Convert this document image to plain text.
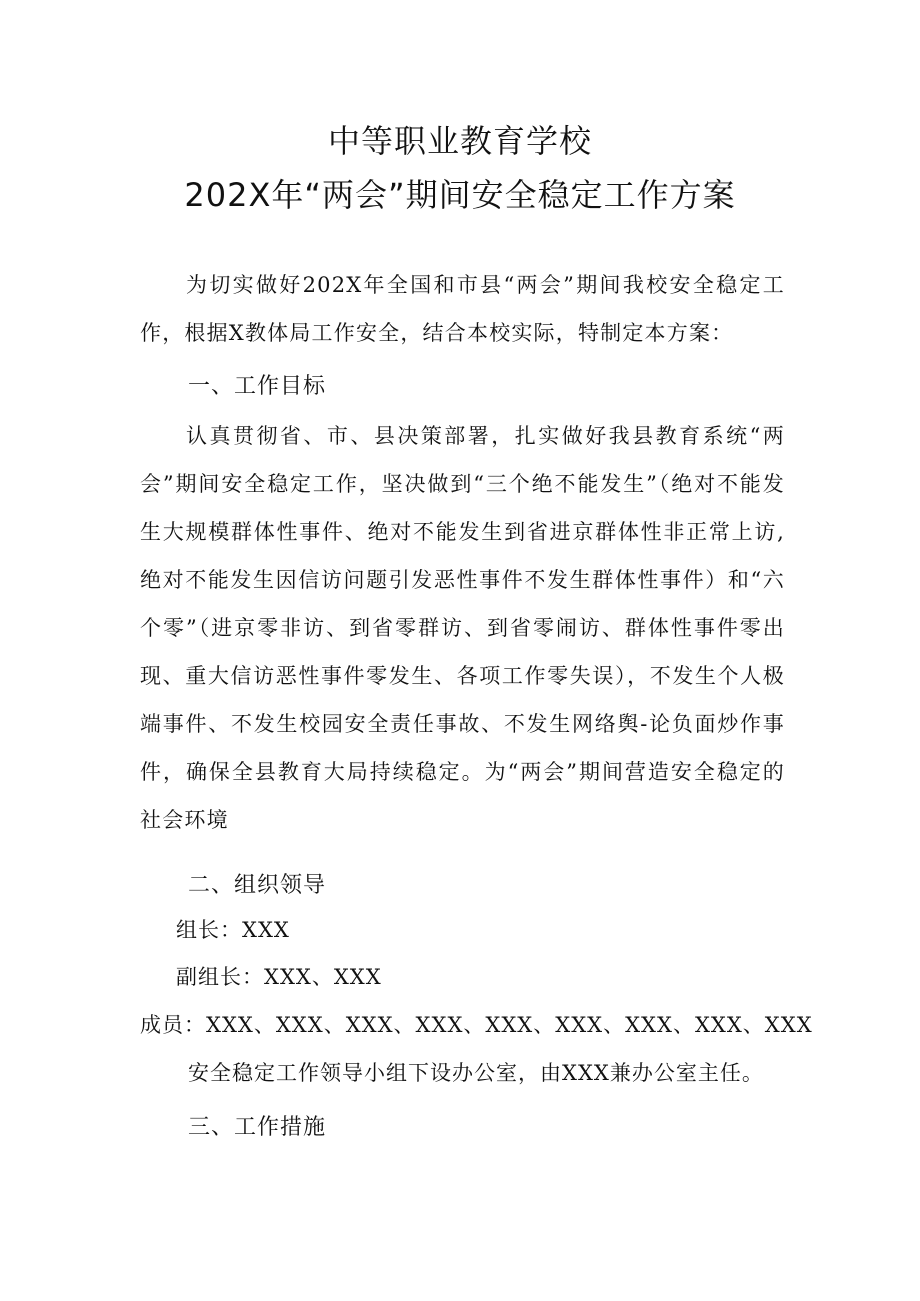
中等职业教育学校
202X年“两会”期间安全稳定工作方案

为切实做好202X年全国和市县“两会”期间我校安全稳定工作，根据X教体局工作安全，结合本校实际，特制定本方案：

一、工作目标

认真贯彻省、市、县决策部署，扎实做好我县教育系统“两会”期间安全稳定工作，坚决做到“三个绝不能发生”（绝对不能发生大规模群体性事件、绝对不能发生到省进京群体性非正常上访,绝对不能发生因信访问题引发恶性事件不发生群体性事件）和“六个零”（进京零非访、到省零群访、到省零闹访、群体性事件零出现、重大信访恶性事件零发生、各项工作零失误），不发生个人极端事件、不发生校园安全责任事故、不发生网络舆-论负面炒作事件，确保全县教育大局持续稳定。为“两会”期间营造安全稳定的社会环境

二、组织领导

组长：XXX

副组长：XXX、XXX

成员：XXX、XXX、XXX、XXX、XXX、XXX、XXX、XXX、XXX

安全稳定工作领导小组下设办公室，由XXX兼办公室主任。

三、工作措施
